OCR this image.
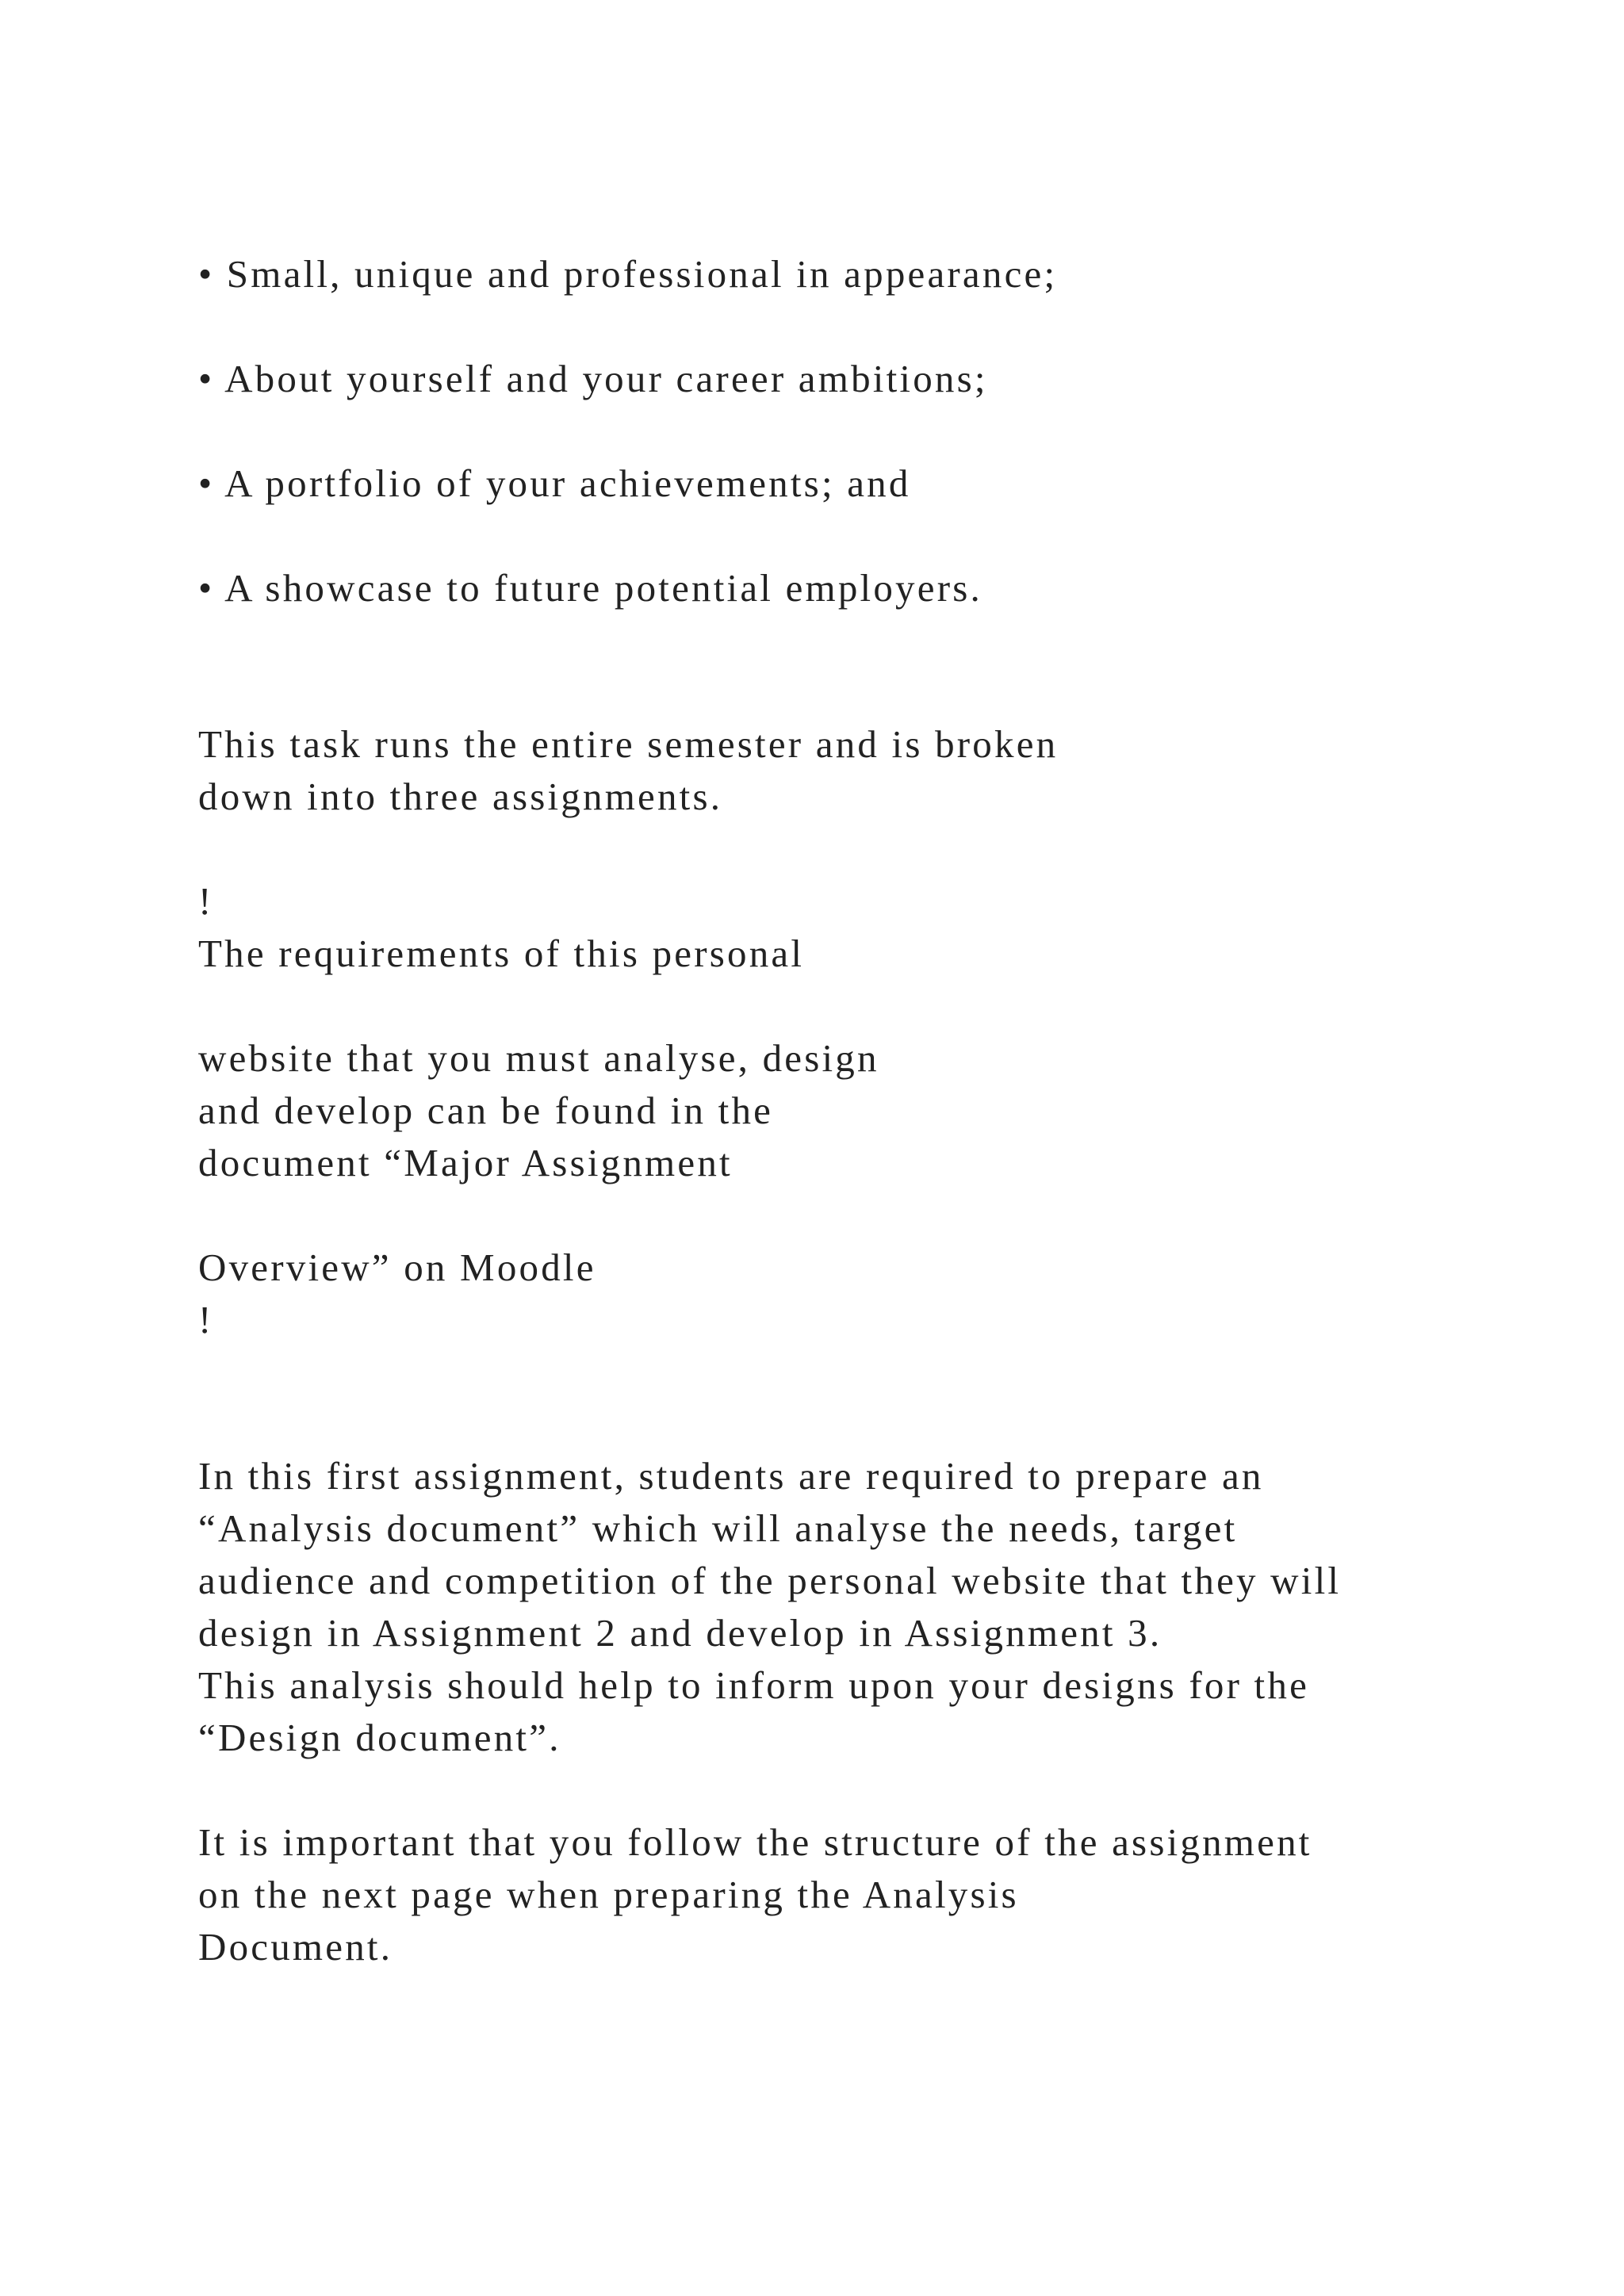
• Small, unique and professional in appearance;
• About yourself and your career ambitions;
• A portfolio of your achievements; and
• A showcase to future potential employers.
This task runs the entire semester and is broken
down into three assignments.
!
The requirements of this personal
website that you must analyse, design
and develop can be found in the
document “Major Assignment
Overview” on Moodle
!
In this first assignment, students are required to prepare an
“Analysis document” which will analyse the needs, target
audience and competition of the personal website that they will
design in Assignment 2 and develop in Assignment 3.
This analysis should help to inform upon your designs for the
“Design document”.
It is important that you follow the structure of the assignment
on the next page when preparing the Analysis
Document.
